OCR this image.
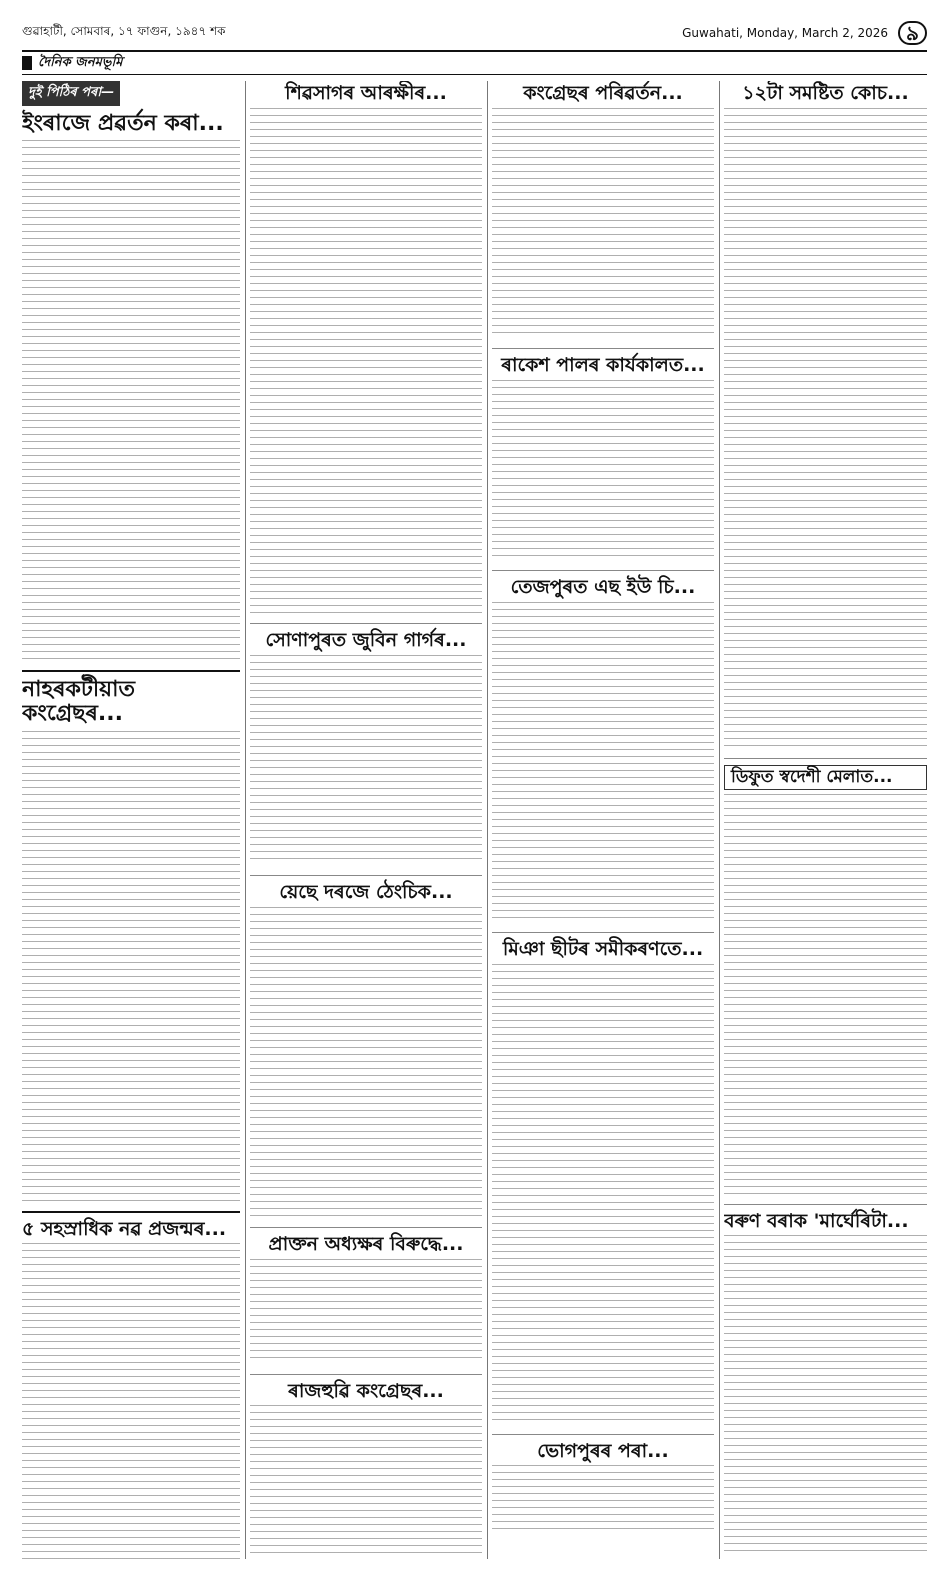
গুৱাহাটী, সোমবাৰ, ১৭ ফাগুন, ১৯৪৭ শক	Guwahati, Monday, March 2, 2026 ৯
দৈনিক জনমভূমি
দুই পিঠিৰ পৰা—
ইংৰাজে প্ৰৱৰ্তন কৰা...
নাহৰকটীয়াত কংগ্ৰেছৰ...
৫ সহস্ৰাধিক নৱ প্ৰজন্মৰ...
শিৱসাগৰ আৰক্ষীৰ...
সোণাপুৰত জুবিন গাৰ্গৰ...
য়েছে দৰজে ঠেংচিক...
প্ৰাক্তন অধ্যক্ষৰ বিৰুদ্ধে...
ৰাজহুৱি কংগ্ৰেছৰ...
কংগ্ৰেছৰ পৰিৱৰ্তন...
ৰাকেশ পালৰ কাৰ্যকালত...
তেজপুৰত এছ ইউ চি...
মিঞা ছীটৰ সমীকৰণতে...
ভোগপুৰৰ পৰা...
১২টা সমষ্টিত কোচ...
ডিফুত স্বদেশী মেলাত...
বৰুণ বৰাক 'মাৰ্ঘেৰিটা...
